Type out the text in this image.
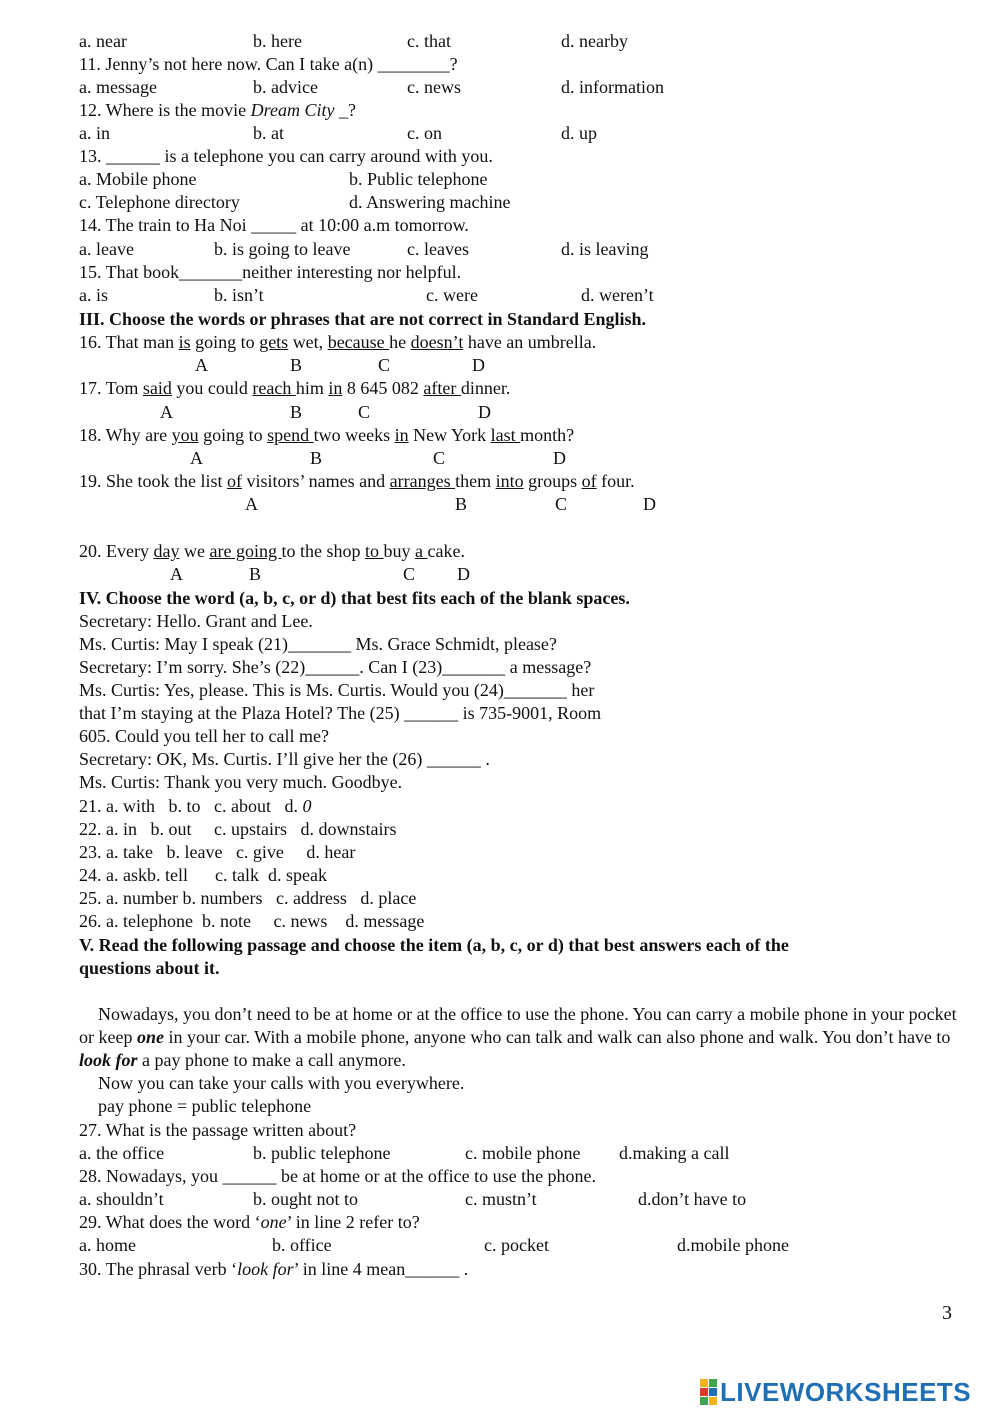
a. near	b. here	c. that	d. nearby
11. Jenny’s not here now. Can I take a(n) ________?
a. message	b. advice	c. news	d. information
12. Where is the movie Dream City _?
a. in	b. at	c. on	d. up
13. ______ is a telephone you can carry around with you.
a. Mobile phone	b. Public telephone
c. Telephone directory	d. Answering machine
14. The train to Ha Noi _____ at 10:00 a.m tomorrow.
a. leave	b. is going to leave	c. leaves	d. is leaving
15. That book_______neither interesting nor helpful.
a. is	b. isn’t	c. were	d. weren’t
III. Choose the words or phrases that are not correct in Standard English.
16. That man is going to gets wet, because he doesn’t have an umbrella.
A	B	C	D
17. Tom said you could reach him in 8 645 082 after dinner.
A	B	C	D
18. Why are you going to spend two weeks in New York last month?
A	B	C	D
19. She took the list of visitors’ names and arranges them into groups of four.
A	B	C	D
20. Every day we are going to the shop to buy a cake.
A	B	C D
IV. Choose the word (a, b, c, or d) that best fits each of the blank spaces.
Secretary: Hello. Grant and Lee.
Ms. Curtis: May I speak (21)_______ Ms. Grace Schmidt, please?
Secretary: I’m sorry. She’s (22)______. Can I (23)_______ a message?
Ms. Curtis: Yes, please. This is Ms. Curtis. Would you (24)_______ her
that I’m staying at the Plaza Hotel? The (25) ______ is 735-9001, Room
605. Could you tell her to call me?
Secretary: OK, Ms. Curtis. I’ll give her the (26) ______ .
Ms. Curtis: Thank you very much. Goodbye.
21. a. with   b. to   c. about   d. 0
22. a. in   b. out     c. upstairs   d. downstairs
23. a. take   b. leave   c. give     d. hear
24. a. askb. tell      c. talk  d. speak
25. a. number b. numbers   c. address   d. place
26. a. telephone  b. note     c. news    d. message
V. Read the following passage and choose the item (a, b, c, or d) that best answers each of the
questions about it.
Nowadays, you don’t need to be at home or at the office to use the phone. You can carry a mobile phone in your pocket or keep one in your car. With a mobile phone, anyone who can talk and walk can also phone and walk. You don’t have to look for a pay phone to make a call anymore.
Now you can take your calls with you everywhere.
pay phone = public telephone
27. What is the passage written about?
a. the office	b. public telephone	c. mobile phone d.making a call
28. Nowadays, you ______ be at home or at the office to use the phone.
a. shouldn’t	b. ought not to	c. mustn’t	d.don’t have to
29. What does the word ‘one’ in line 2 refer to?
a. home	b. office	c. pocket	d.mobile phone
30. The phrasal verb ‘look for’ in line 4 mean______ .
3
LIVEWORKSHEETS
